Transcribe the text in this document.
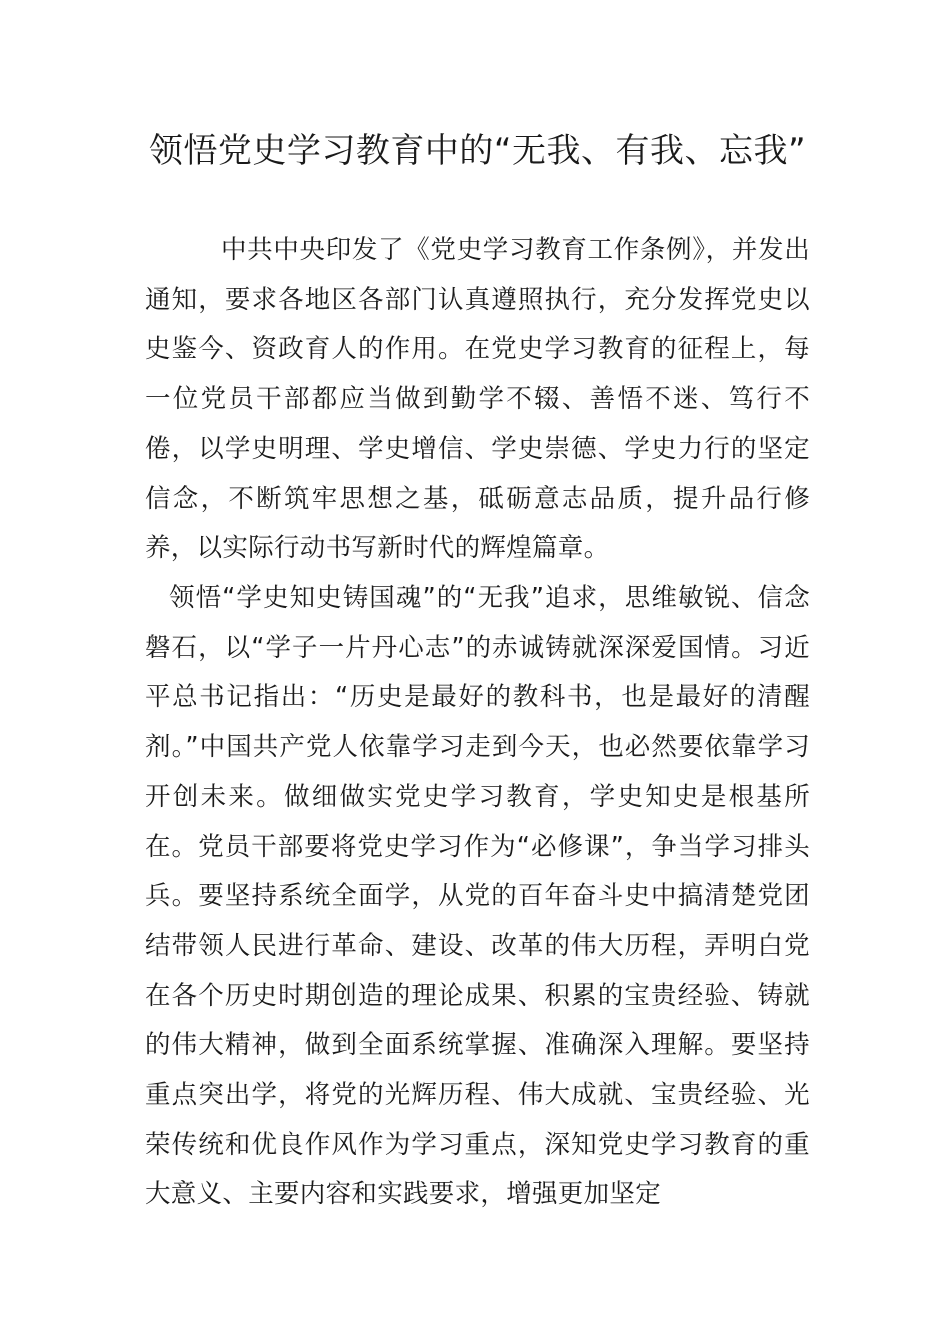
领悟党史学习教育中的“无我、有我、忘我”

中共中央印发了《党史学习教育工作条例》，并发出通知，要求各地区各部门认真遵照执行，充分发挥党史以史鉴今、资政育人的作用。在党史学习教育的征程上，每一位党员干部都应当做到勤学不辍、善悟不迷、笃行不倦，以学史明理、学史增信、学史崇德、学史力行的坚定信念，不断筑牢思想之基，砥砺意志品质，提升品行修养，以实际行动书写新时代的辉煌篇章。

领悟“学史知史铸国魂”的“无我”追求，思维敏锐、信念磐石，以“学子一片丹心志”的赤诚铸就深深爱国情。习近平总书记指出：“历史是最好的教科书，也是最好的清醒剂。”中国共产党人依靠学习走到今天，也必然要依靠学习开创未来。做细做实党史学习教育，学史知史是根基所在。党员干部要将党史学习作为“必修课”，争当学习排头兵。要坚持系统全面学，从党的百年奋斗史中搞清楚党团结带领人民进行革命、建设、改革的伟大历程，弄明白党在各个历史时期创造的理论成果、积累的宝贵经验、铸就的伟大精神，做到全面系统掌握、准确深入理解。要坚持重点突出学，将党的光辉历程、伟大成就、宝贵经验、光荣传统和优良作风作为学习重点，深知党史学习教育的重大意义、主要内容和实践要求，增强更加坚定
